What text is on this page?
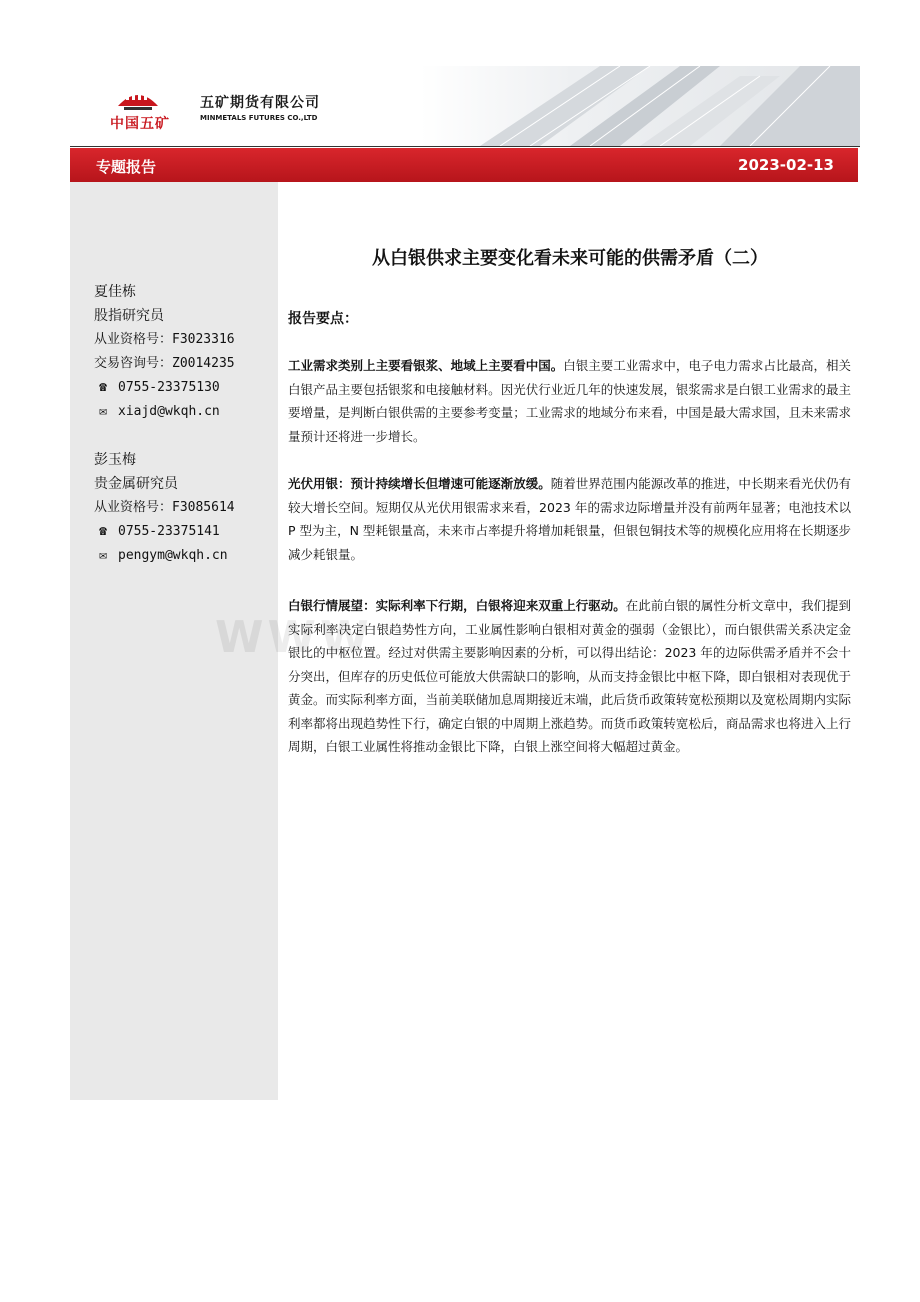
中国五矿
五矿期货有限公司
MINMETALS FUTURES CO.,LTD
专题报告	2023-02-13
夏佳栋
股指研究员
从业资格号：F3023316
交易咨询号：Z0014235
☎ 0755-23375130
✉ xiajd@wkqh.cn
彭玉梅
贵金属研究员
从业资格号：F3085614
☎ 0755-23375141
✉ pengym@wkqh.cn
WWW
从白银供求主要变化看未来可能的供需矛盾（二）
报告要点：
工业需求类别上主要看银浆、地域上主要看中国。白银主要工业需求中，电子电力需求占比最高，相关白银产品主要包括银浆和电接触材料。因光伏行业近几年的快速发展，银浆需求是白银工业需求的最主要增量，是判断白银供需的主要参考变量；工业需求的地域分布来看，中国是最大需求国，且未来需求量预计还将进一步增长。
光伏用银：预计持续增长但增速可能逐渐放缓。随着世界范围内能源改革的推进，中长期来看光伏仍有较大增长空间。短期仅从光伏用银需求来看，2023 年的需求边际增量并没有前两年显著；电池技术以 P 型为主，N 型耗银量高，未来市占率提升将增加耗银量，但银包铜技术等的规模化应用将在长期逐步减少耗银量。
白银行情展望：实际利率下行期，白银将迎来双重上行驱动。在此前白银的属性分析文章中，我们提到实际利率决定白银趋势性方向，工业属性影响白银相对黄金的强弱（金银比），而白银供需关系决定金银比的中枢位置。经过对供需主要影响因素的分析，可以得出结论：2023 年的边际供需矛盾并不会十分突出，但库存的历史低位可能放大供需缺口的影响，从而支持金银比中枢下降，即白银相对表现优于黄金。而实际利率方面，当前美联储加息周期接近末端，此后货币政策转宽松预期以及宽松周期内实际利率都将出现趋势性下行，确定白银的中周期上涨趋势。而货币政策转宽松后，商品需求也将进入上行周期，白银工业属性将推动金银比下降，白银上涨空间将大幅超过黄金。
